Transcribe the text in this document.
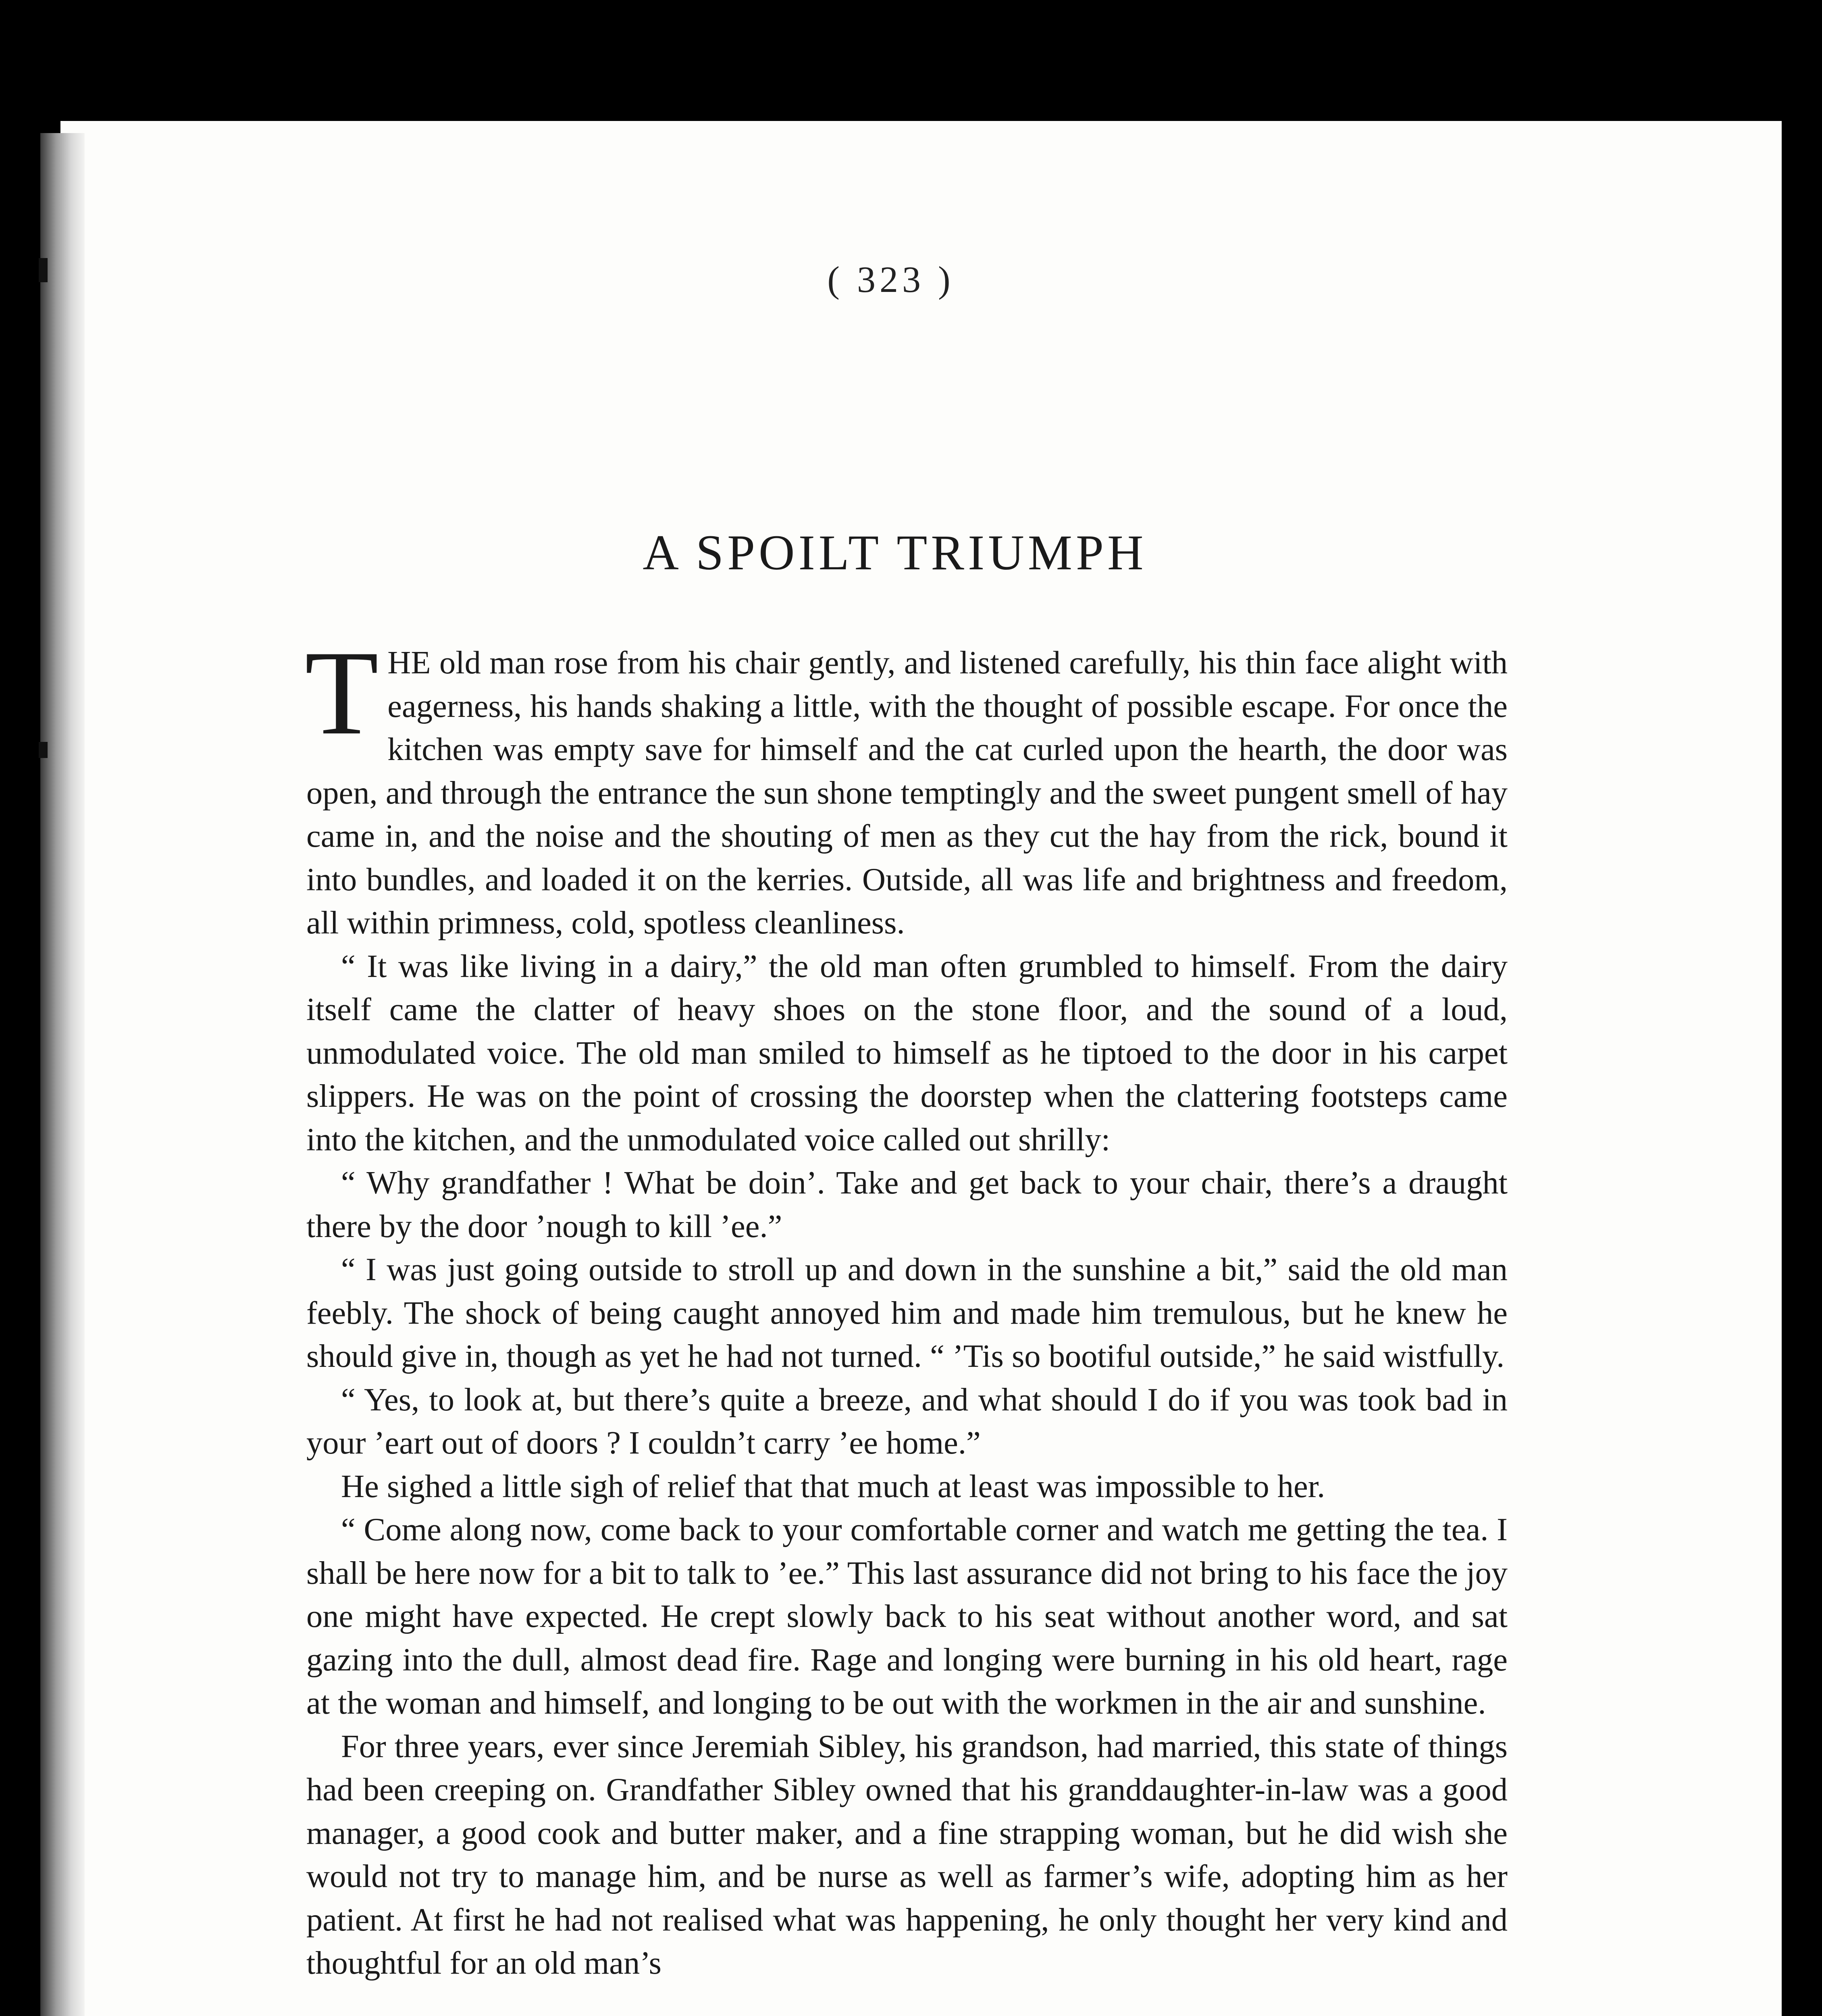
( 323 )
A SPOILT TRIUMPH

THE old man rose from his chair gently, and listened carefully, his thin face alight with eagerness, his hands shaking a little, with the thought of possible escape. For once the kitchen was empty save for himself and the cat curled upon the hearth, the door was open, and through the entrance the sun shone temptingly and the sweet pungent smell of hay came in, and the noise and the shouting of men as they cut the hay from the rick, bound it into bundles, and loaded it on the kerries. Outside, all was life and brightness and freedom, all within primness, cold, spotless cleanliness.

“ It was like living in a dairy,” the old man often grumbled to himself. From the dairy itself came the clatter of heavy shoes on the stone floor, and the sound of a loud, unmodulated voice. The old man smiled to himself as he tiptoed to the door in his carpet slippers. He was on the point of crossing the doorstep when the clattering footsteps came into the kitchen, and the unmodulated voice called out shrilly:

“ Why grandfather ! What be doin’. Take and get back to your chair, there’s a draught there by the door ’nough to kill ’ee.”

“ I was just going outside to stroll up and down in the sunshine a bit,” said the old man feebly. The shock of being caught annoyed him and made him tremulous, but he knew he should give in, though as yet he had not turned. “ ’Tis so bootiful outside,” he said wistfully.

“ Yes, to look at, but there’s quite a breeze, and what should I do if you was took bad in your ’eart out of doors ? I couldn’t carry ’ee home.”

He sighed a little sigh of relief that that much at least was impossible to her.

“ Come along now, come back to your comfortable corner and watch me getting the tea. I shall be here now for a bit to talk to ’ee.” This last assurance did not bring to his face the joy one might have expected. He crept slowly back to his seat without another word, and sat gazing into the dull, almost dead fire. Rage and longing were burning in his old heart, rage at the woman and himself, and longing to be out with the workmen in the air and sunshine.

For three years, ever since Jeremiah Sibley, his grandson, had married, this state of things had been creeping on. Grandfather Sibley owned that his granddaughter-in-law was a good manager, a good cook and butter maker, and a fine strapping woman, but he did wish she would not try to manage him, and be nurse as well as farmer’s wife, adopting him as her patient. At first he had not realised what was happening, he only thought her very kind and thoughtful for an old man’s
